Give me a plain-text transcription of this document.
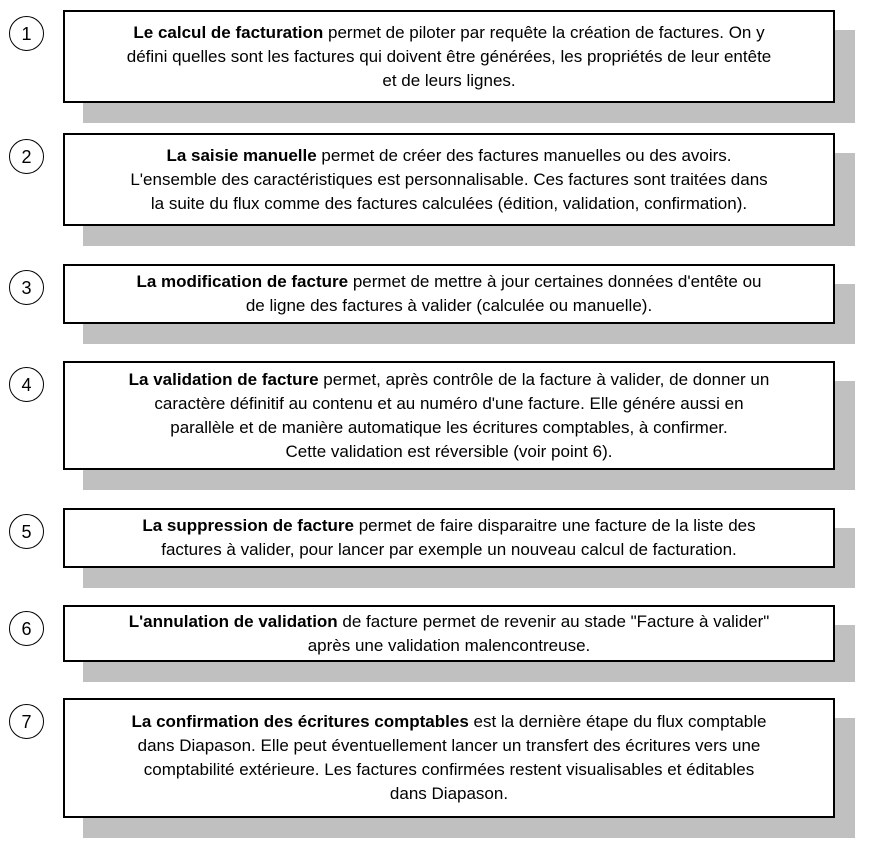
1	Le calcul de facturation permet de piloter par requête la création de factures. On y
défini quelles sont les factures qui doivent être générées, les propriétés de leur entête
et de leurs lignes.
2	La saisie manuelle permet de créer des factures manuelles ou des avoirs.
L'ensemble des caractéristiques est personnalisable. Ces factures sont traitées dans
la suite du flux comme des factures calculées (édition, validation, confirmation).
3	La modification de facture permet de mettre à jour certaines données d'entête ou
de ligne des factures à valider (calculée ou manuelle).
4	La validation de facture permet, après contrôle de la facture à valider, de donner un
caractère définitif au contenu et au numéro d'une facture. Elle génére aussi en
parallèle et de manière automatique les écritures comptables, à confirmer.
Cette validation est réversible (voir point 6).
5	La suppression de facture permet de faire disparaitre une facture de la liste des
factures à valider, pour lancer par exemple un nouveau calcul de facturation.
6	L'annulation de validation de facture permet de revenir au stade "Facture à valider"
après une validation malencontreuse.
7	La confirmation des écritures comptables est la dernière étape du flux comptable
dans Diapason. Elle peut éventuellement lancer un transfert des écritures vers une
comptabilité extérieure. Les factures confirmées restent visualisables et éditables
dans Diapason.
